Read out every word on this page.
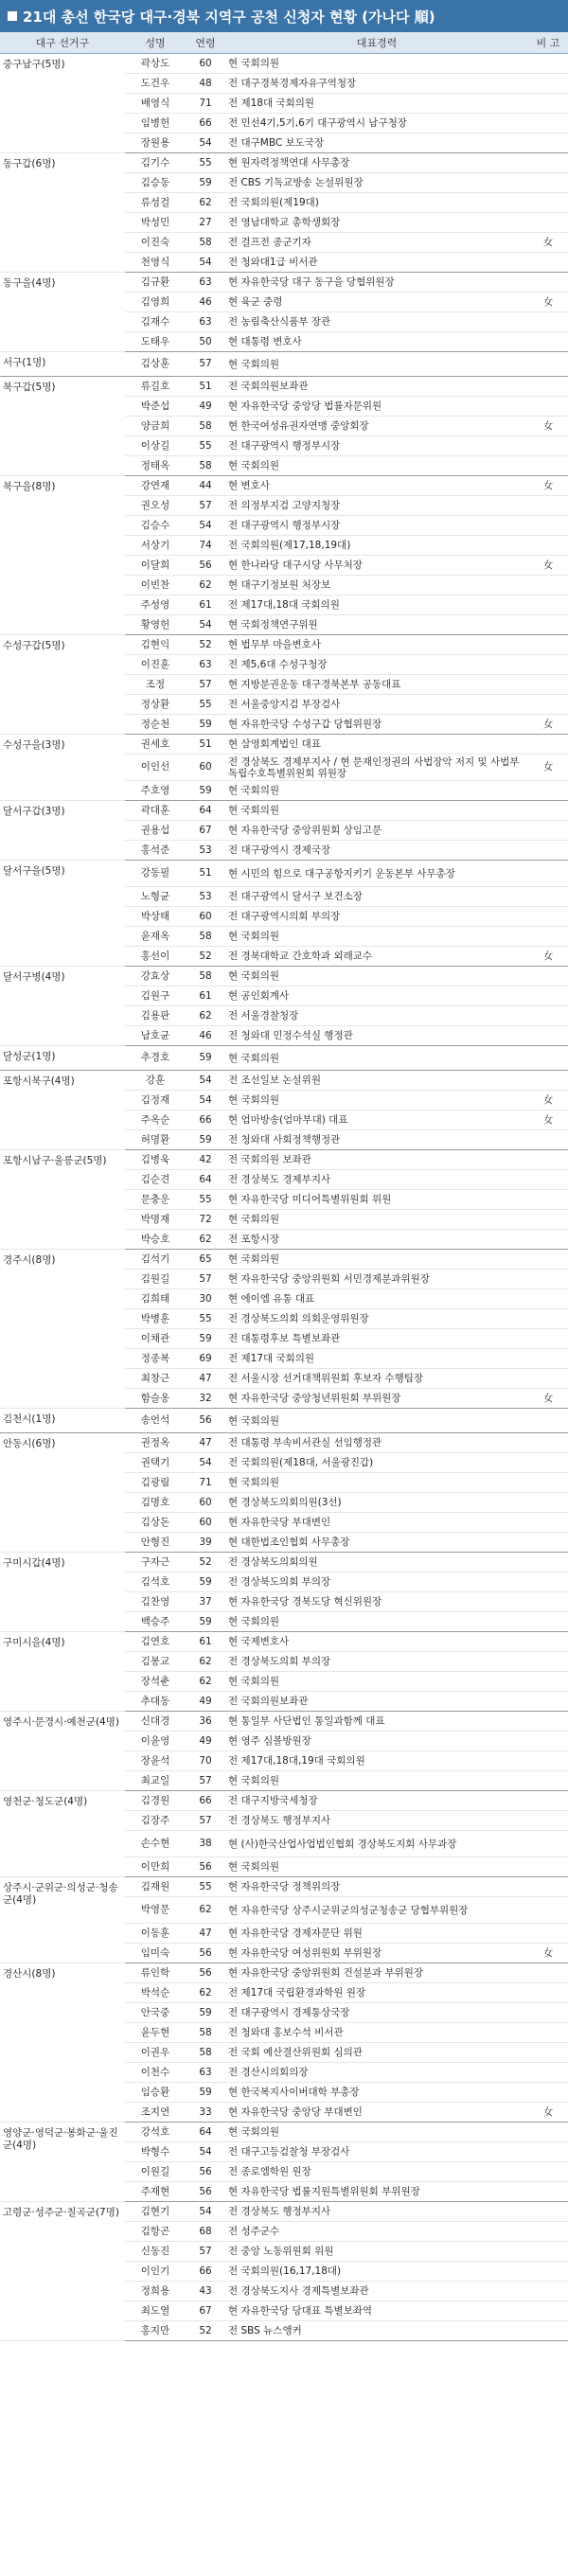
21대 총선 한국당 대구·경북 지역구 공천 신청자 현황 (가나다 順)
대구 선거구	성명	연령	대표경력	비 고
중구남구(5명)	곽상도	60	현 국회의원	
	도건우	48	전 대구경북경제자유구역청장	
	배영식	71	전 제18대 국회의원	
	임병헌	66	전 민선4기,5기,6기 대구광역시 남구청장	
	장원용	54	전 대구MBC 보도국장	
동구갑(6명)	김기수	55	현 원자력정책연대 사무총장	
	김승동	59	전 CBS 기독교방송 논설위원장	
	류성걸	62	전 국회의원(제19대)	
	박성민	27	전 영남대학교 총학생회장	
	이진숙	58	전 걸프전 종군기자	女
	천영식	54	전 청와대1급 비서관	
동구을(4명)	김규환	63	현 자유한국당 대구 동구을 당협위원장	
	김영희	46	현 육군 중령	女
	김재수	63	전 농림축산식품부 장관	
	도태우	50	현 대통령 변호사	
서구(1명)	김상훈	57	현 국회의원	
북구갑(5명)	류길호	51	전 국회의원보좌관	
	박준섭	49	현 자유한국당 중앙당 법률자문위원	
	양금희	58	현 한국여성유권자연맹 중앙회장	女
	이상길	55	전 대구광역시 행정부시장	
	정태옥	58	현 국회의원	
북구을(8명)	강연재	44	현 변호사	女
	권오성	57	전 의정부지검 고양지청장	
	김승수	54	전 대구광역시 행정부시장	
	서상기	74	전 국회의원(제17,18,19대)	
	이달희	56	현 한나라당 대구시당 사무처장	女
	이빈찬	62	현 대구기정보원 처장보	
	주성영	61	전 제17대,18대 국회의원	
	황영헌	54	현 국회정책연구위원	
수성구갑(5명)	김현익	52	현 법무부 마을변호사	
	이진훈	63	전 제5,6대 수성구청장	
	조정	57	현 지방분권운동 대구경북본부 공동대표	
	정상환	55	전 서울중앙지검 부장검사	
	정순천	59	현 자유한국당 수성구갑 당협위원장	女
수성구을(3명)	권세호	51	현 삼영회계법인 대표	
	이인선	60	전 경상북도 경제부지사 / 현 문재인정권의 사법장악 저지 및 사법부 독립수호특별위원회 위원장	女
	주호영	59	현 국회의원	
달서구갑(3명)	곽대훈	64	현 국회의원	
	권용섭	67	현 자유한국당 중앙위원회 상임고문	
	홍석준	53	전 대구광역시 경제국장	
달서구을(5명)	강동필	51	현 시민의 힘으로 대구공항지키기 운동본부 사무총장	
	노형균	53	전 대구광역시 달서구 보건소장	
	박상태	60	전 대구광역시의회 부의장	
	윤재옥	58	현 국회의원	
	홍선이	52	전 경북대학교 간호학과 외래교수	女
달서구병(4명)	강효상	58	현 국회의원	
	김원구	61	현 공인회계사	
	김용판	62	전 서울경찰청장	
	남호균	46	전 청와대 민정수석실 행정관	
달성군(1명)	추경호	59	현 국회의원	
포항시북구(4명)	강훈	54	전 조선일보 논설위원	
	김정재	54	현 국회의원	女
	주옥순	66	현 엄마방송(엄마부대) 대표	女
	허명환	59	전 청와대 사회정책행정관	
포항시남구·울릉군(5명)	김병욱	42	전 국회의원 보좌관	
	김순견	64	전 경상북도 경제부지사	
	문충운	55	현 자유한국당 미디어특별위원회 위원	
	박명재	72	현 국회의원	
	박승호	62	전 포항시장	
경주시(8명)	김석기	65	현 국회의원	
	김원길	57	현 자유한국당 중앙위원회 서민경제분과위원장	
	김희태	30	현 에이엠 유통 대표	
	박병훈	55	전 경상북도의회 의회운영위원장	
	이채관	59	전 대통령후보 특별보좌관	
	정종복	69	전 제17대 국회의원	
	최창근	47	전 서울시장 선거대책위원회 후보자 수행팀장	
	함슬옹	32	현 자유한국당 중앙청년위원회 부위원장	女
김천시(1명)	송언석	56	현 국회의원	
안동시(6명)	권정옥	47	전 대통령 부속비서관실 선임행정관	
	권택기	54	전 국회의원(제18대, 서울광진갑)	
	김광림	71	현 국회의원	
	김명호	60	현 경상북도의회의원(3선)	
	김상돈	60	현 자유한국당 부대변인	
	안형진	39	현 대한법조인협회 사무총장	
구미시갑(4명)	구자근	52	전 경상북도의회의원	
	김석호	59	전 경상북도의회 부의장	
	김찬영	37	현 자유한국당 경북도당 혁신위원장	
	백승주	59	현 국회의원	
구미시을(4명)	김연호	61	현 국제변호사	
	김봉교	62	전 경상북도의회 부의장	
	장석춘	62	현 국회의원	
	추대동	49	전 국회의원보좌관	
영주시·문경시·예천군(4명)	신대경	36	현 통일부 사단법인 통일과함께 대표	
	이윤영	49	현 영주 심볼방원장	
	장윤석	70	전 제17대,18대,19대 국회의원	
	최교일	57	현 국회의원	
영천군·청도군(4명)	김경원	66	전 대구지방국세청장	
	김장주	57	전 경상북도 행정부지사	
	손수현	38	현 (사)한국산업사업법인협회 경상북도지회 사무과장	
	이만희	56	현 국회의원	
상주시·군위군·의성군·청송군(4명)	김재원	55	현 자유한국당 정책위의장	
	박영문	62	현 자유한국당 상주시군위군의성군청송군 당협부위원장	
	이동훈	47	현 자유한국당 경제자문단 위원	
	임미숙	56	현 자유한국당 여성위원회 부위원장	女
경산시(8명)	류인학	56	현 자유한국당 중앙위원회 건설분과 부위원장	
	박석순	62	전 제17대 국립환경과학원 원장	
	안국중	59	전 대구광역시 경제통상국장	
	윤두현	58	전 청와대 홍보수석 비서관	
	이권우	58	전 국회 예산결산위원회 심의관	
	이천수	63	전 경산시의회의장	
	임승환	59	현 한국복지사이버대학 부총장	
	조지연	33	현 자유한국당 중앙당 부대변인	女
영양군·영덕군·봉화군·울진군(4명)	강석호	64	현 국회의원	
	박형수	54	전 대구고등검찰청 부장검사	
	이원길	56	전 종로엠학원 원장	
	주재현	56	현 자유한국당 법률지원특별위원회 부위원장	
고령군·성주군·칠곡군(7명)	김현기	54	전 경상북도 행정부지사	
	김항곤	68	전 성주군수	
	신동진	57	전 중앙 노동위원회 위원	
	이인기	66	전 국회의원(16,17,18대)	
	정희용	43	전 경상북도지사 경제특별보좌관	
	최도열	67	현 자유한국당 당대표 특별보좌역	
	홍지만	52	전 SBS 뉴스앵커	
